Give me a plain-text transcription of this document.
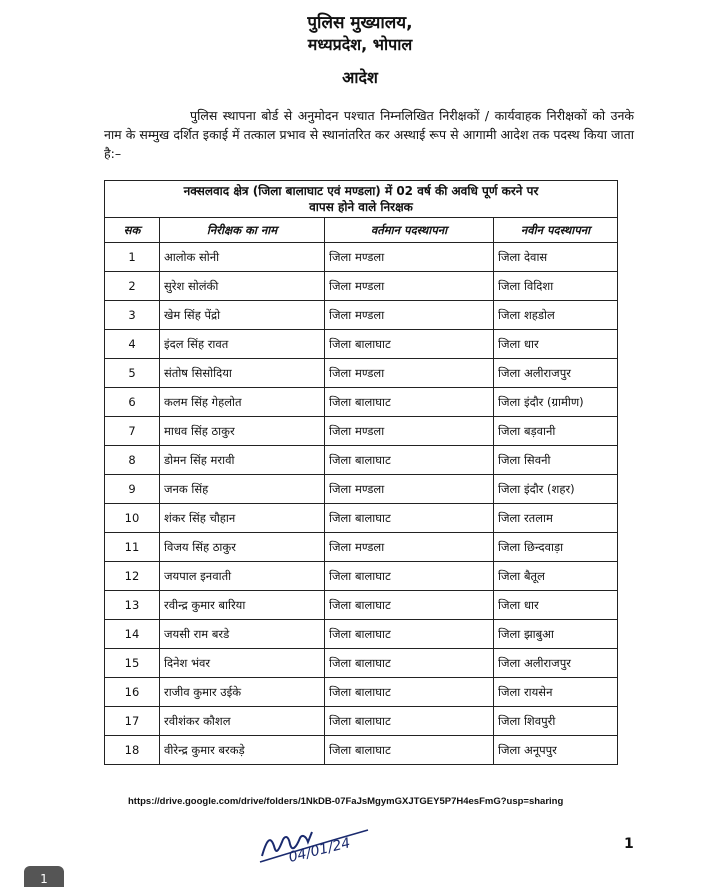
पुलिस मुख्यालय,
मध्यप्रदेश, भोपाल
आदेश
पुलिस स्थापना बोर्ड से अनुमोदन पश्चात निम्नलिखित निरीक्षकों / कार्यवाहक निरीक्षकों को उनके नाम के सम्मुख दर्शित इकाई में तत्काल प्रभाव से स्थानांतरित कर अस्थाई रूप से आगामी आदेश तक पदस्थ किया जाता है:–
नक्सलवाद क्षेत्र (जिला बालाघाट एवं मण्डला) में 02 वर्ष की अवधि पूर्ण करने पर
वापस होने वाले निरक्षक			

सक	निरीक्षक का नाम	वर्तमान पदस्थापना	नवीन पदस्थापना
1	आलोक सोनी	जिला मण्डला	जिला देवास
2	सुरेश सोलंकी	जिला मण्डला	जिला विदिशा
3	खेम सिंह पेंद्रो	जिला मण्डला	जिला शहडोल
4	इंदल सिंह रावत	जिला बालाघाट	जिला धार
5	संतोष सिसोदिया	जिला मण्डला	जिला अलीराजपुर
6	कलम सिंह गेहलोत	जिला बालाघाट	जिला इंदौर (ग्रामीण)
7	माधव सिंह ठाकुर	जिला मण्डला	जिला बड़वानी
8	डोमन सिंह मरावी	जिला बालाघाट	जिला सिवनी
9	जनक सिंह	जिला मण्डला	जिला इंदौर (शहर)
10	शंकर सिंह चौहान	जिला बालाघाट	जिला रतलाम
11	विजय सिंह ठाकुर	जिला मण्डला	जिला छिन्दवाड़ा
12	जयपाल इनवाती	जिला बालाघाट	जिला बैतूल
13	रवीन्द्र कुमार बारिया	जिला बालाघाट	जिला धार
14	जयसी राम बरडे	जिला बालाघाट	जिला झाबुआ
15	दिनेश भंवर	जिला बालाघाट	जिला अलीराजपुर
16	राजीव कुमार उईके	जिला बालाघाट	जिला रायसेन
17	रवीशंकर कौशल	जिला बालाघाट	जिला शिवपुरी
18	वीरेन्द्र कुमार बरकड़े	जिला बालाघाट	जिला अनूपपुर
https://drive.google.com/drive/folders/1NkDB-07FaJsMgymGXJTGEY5P7H4esFmG?usp=sharing
04/01/24	1
1
